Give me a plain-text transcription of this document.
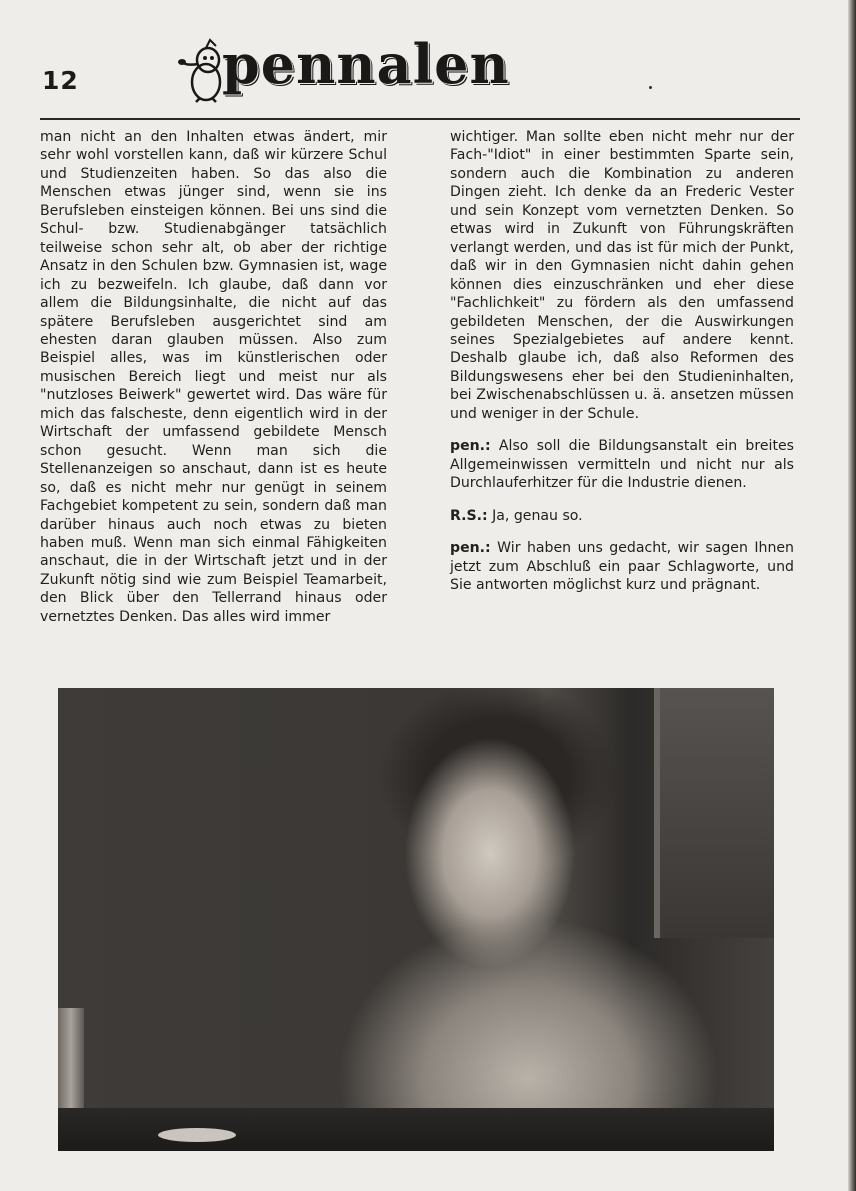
12	pennalen

man nicht an den Inhalten etwas ändert, mir sehr wohl vorstellen kann, daß wir kürzere Schul und Studienzeiten haben. So das also die Menschen etwas jünger sind, wenn sie ins Berufsleben einsteigen können. Bei uns sind die Schul- bzw. Studienabgänger tatsächlich teilweise schon sehr alt, ob aber der richtige Ansatz in den Schulen bzw. Gymnasien ist, wage ich zu bezweifeln. Ich glaube, daß dann vor allem die Bildungsinhalte, die nicht auf das spätere Berufsleben ausgerichtet sind am ehesten daran glauben müssen. Also zum Beispiel alles, was im künstlerischen oder musischen Bereich liegt und meist nur als "nutzloses Beiwerk" gewertet wird. Das wäre für mich das falscheste, denn eigentlich wird in der Wirtschaft der umfassend gebildete Mensch schon gesucht. Wenn man sich die Stellenanzeigen so anschaut, dann ist es heute so, daß es nicht mehr nur genügt in seinem Fachgebiet kompetent zu sein, sondern daß man darüber hinaus auch noch etwas zu bieten haben muß. Wenn man sich einmal Fähigkeiten anschaut, die in der Wirtschaft jetzt und in der Zukunft nötig sind wie zum Beispiel Teamarbeit, den Blick über den Tellerrand hinaus oder vernetztes Denken. Das alles wird immer

wichtiger. Man sollte eben nicht mehr nur der Fach-"Idiot" in einer bestimmten Sparte sein, sondern auch die Kombination zu anderen Dingen zieht. Ich denke da an Frederic Vester und sein Konzept vom vernetzten Denken. So etwas wird in Zukunft von Führungskräften verlangt werden, und das ist für mich der Punkt, daß wir in den Gymnasien nicht dahin gehen können dies einzuschränken und eher diese "Fachlichkeit" zu fördern als den umfassend gebildeten Menschen, der die Auswirkungen seines Spezialgebietes auf andere kennt. Deshalb glaube ich, daß also Reformen des Bildungswesens eher bei den Studieninhalten, bei Zwischenabschlüssen u. ä. ansetzen müssen und weniger in der Schule.

pen.: Also soll die Bildungsanstalt ein breites Allgemeinwissen vermitteln und nicht nur als Durchlauferhitzer für die Industrie dienen.

R.S.: Ja, genau so.

pen.: Wir haben uns gedacht, wir sagen Ihnen jetzt zum Abschluß ein paar Schlagworte, und Sie antworten möglichst kurz und prägnant.
